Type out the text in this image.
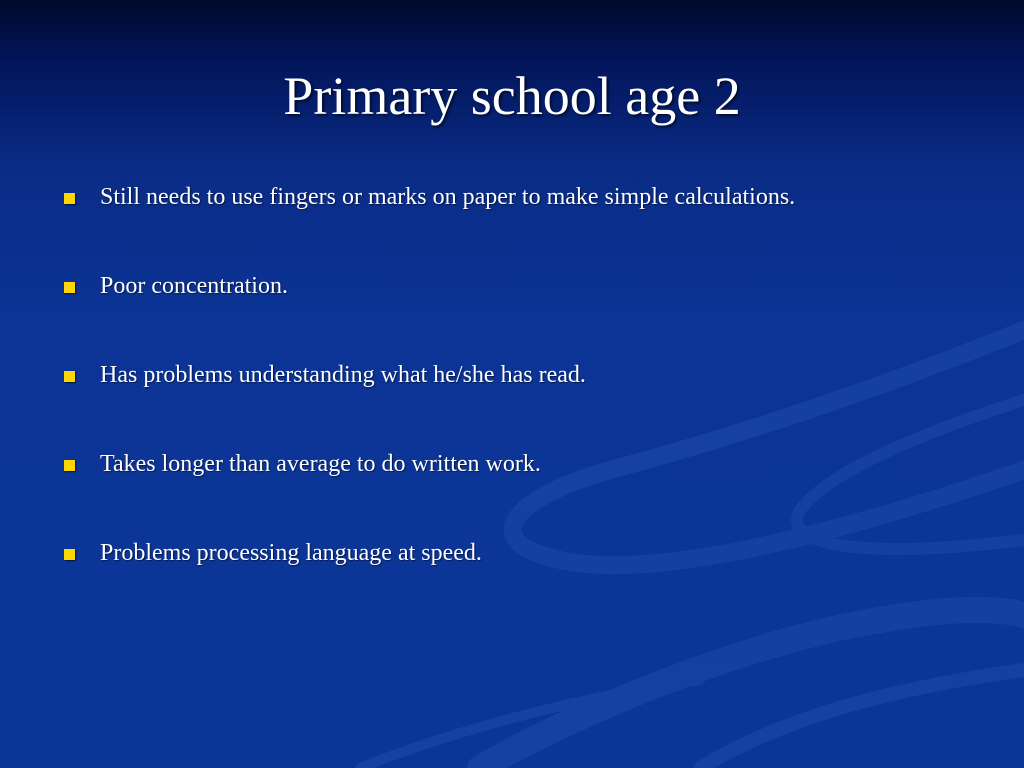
Primary school age 2
Still needs to use fingers or marks on paper to make simple calculations.
Poor concentration.
Has problems understanding what he/she has read.
Takes longer than average to do written work.
Problems processing language at speed.
